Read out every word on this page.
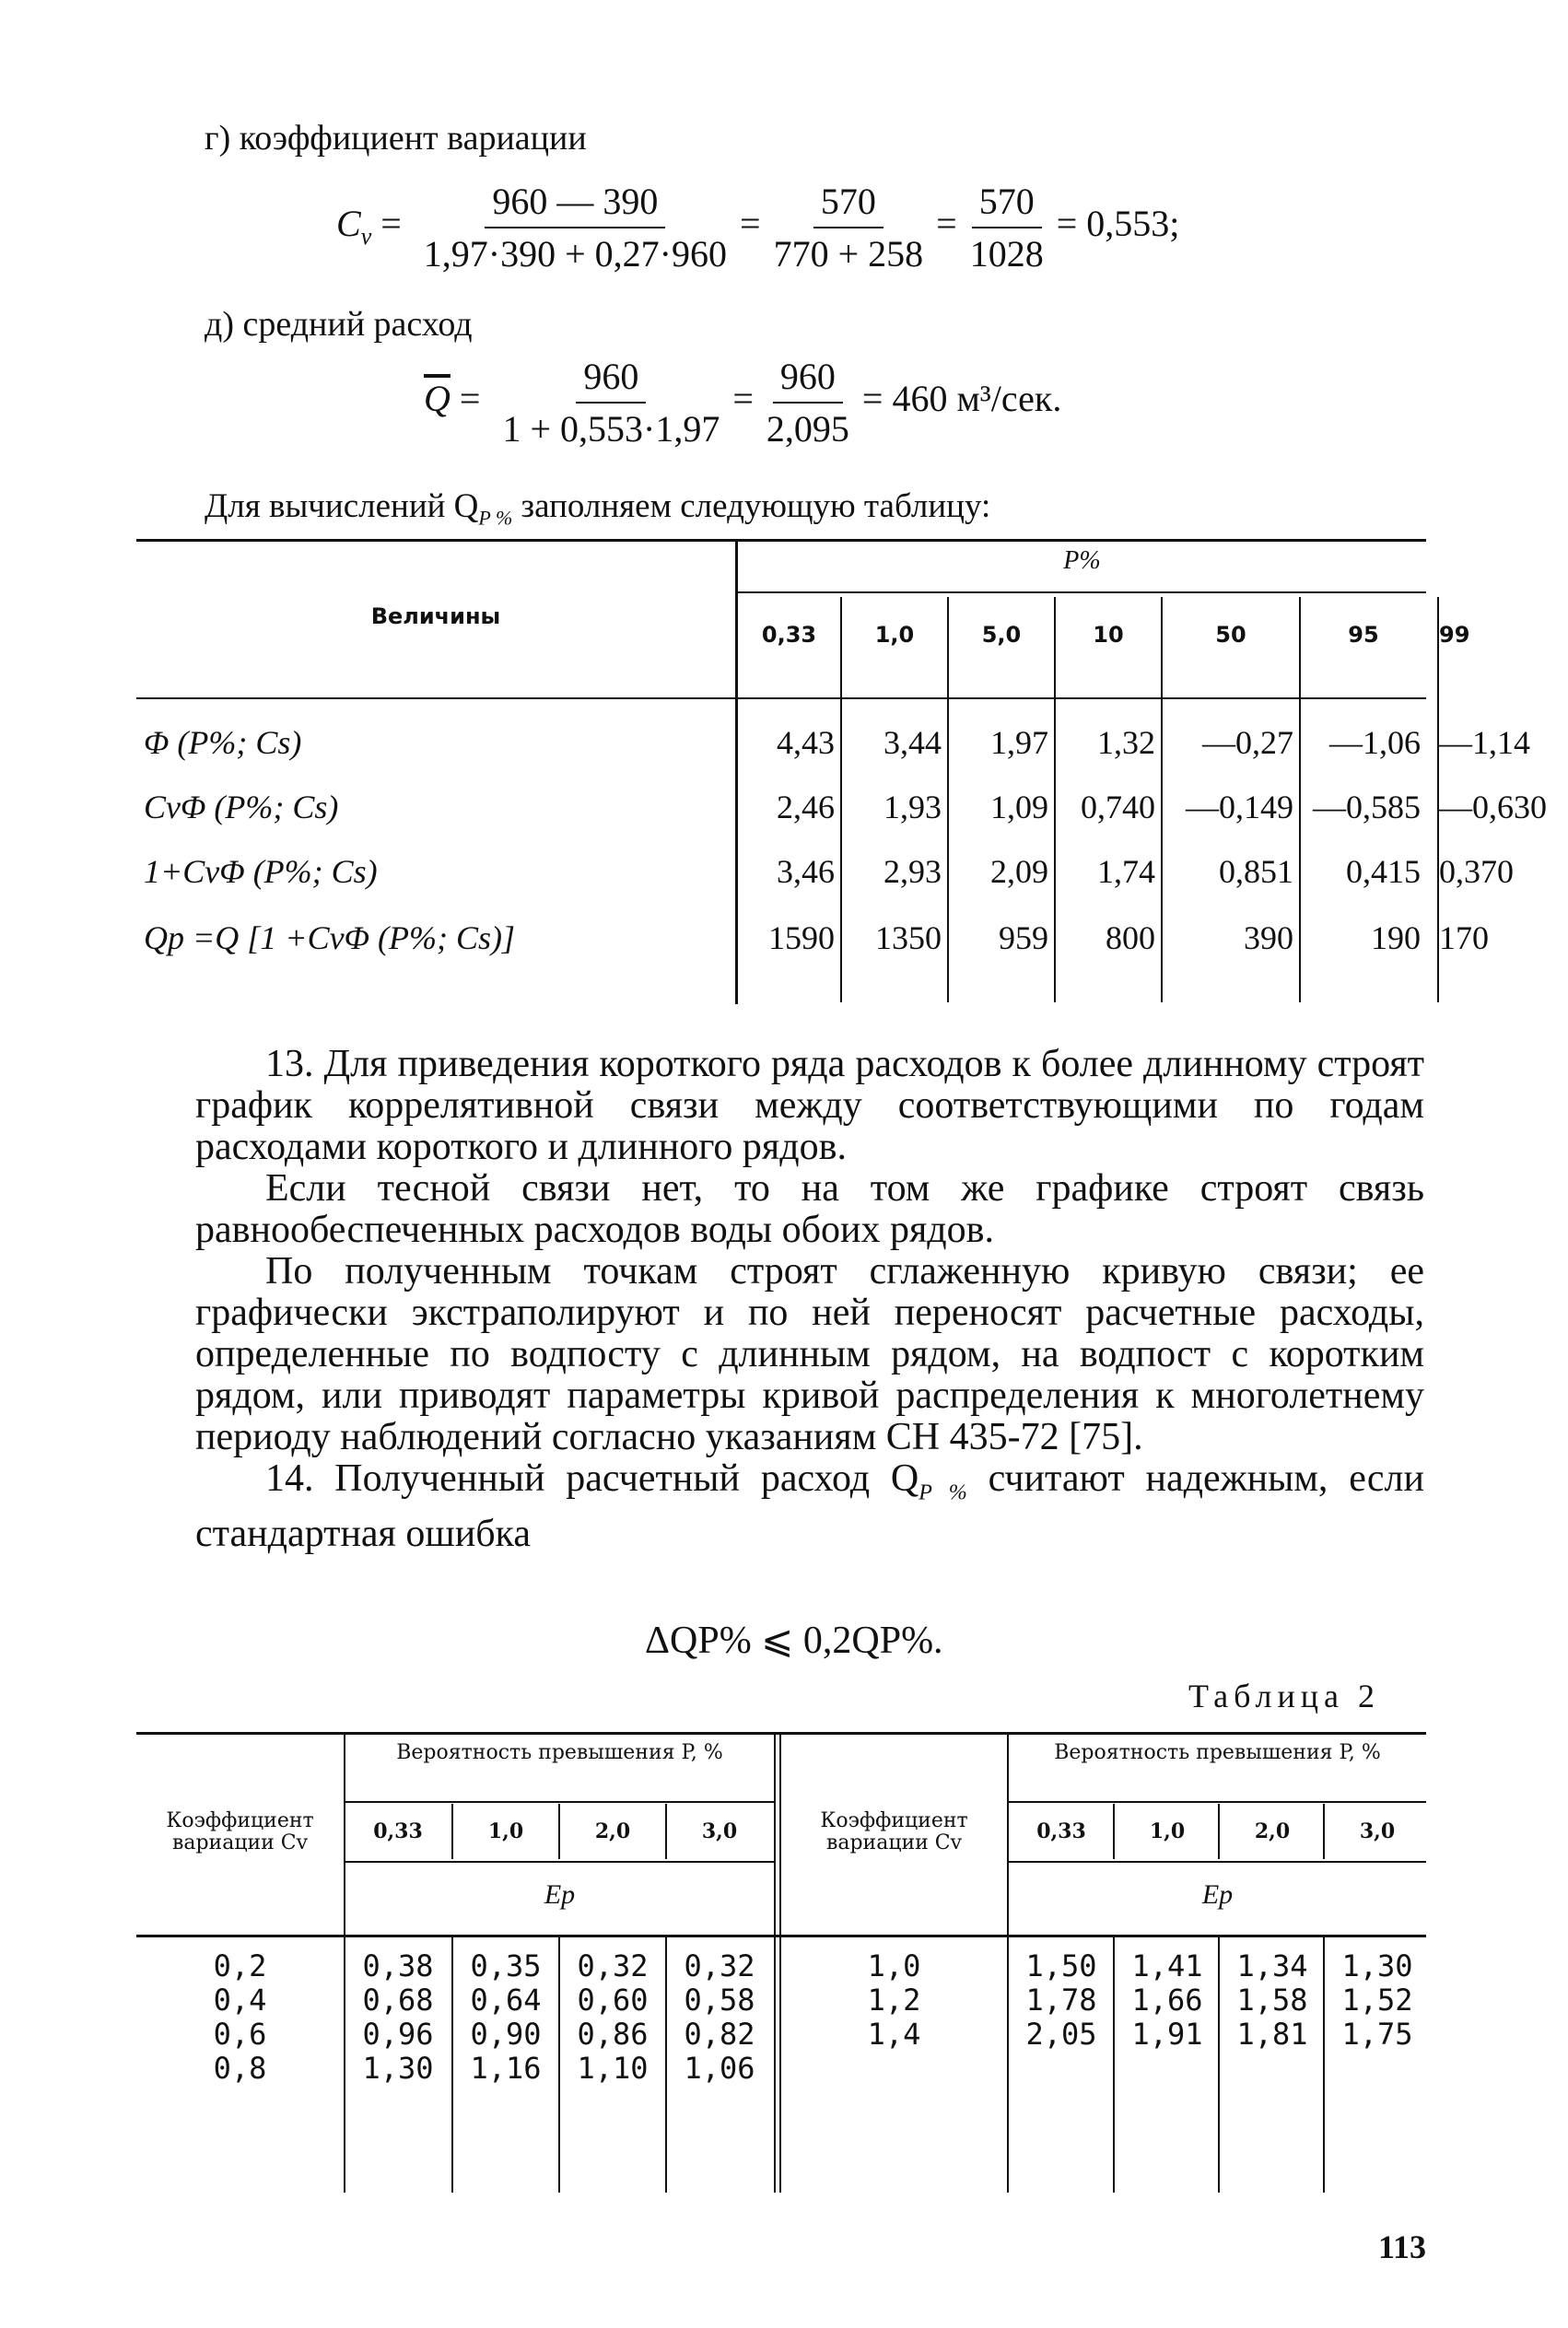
г) коэффициент вариации
$C_v = \frac{960 — 390}{1,97\cdot 390 + 0,27\cdot 960} = \frac{570}{770 + 258} = \frac{570}{1028} = 0,553$;
д) средний расход
$\overline{Q} = \frac{960}{1 + 0,553\cdot 1,97} = \frac{960}{2,095} = 460$ м³/сек.
Для вычислений $Q_{P \%}$ заполняем следующую таблицу:
Величины
P%
0,33	1,0	5,0	10	50	95	99
Φ (P%; Cs)	4,43	3,44	1,97	1,32	—0,27	—1,06 —1,14
CvΦ (P%; Cs)	2,46	1,93	1,09 0,740 —0,149 —0,585 —0,630
1+CvΦ (P%; Cs)	3,46	2,93	2,09	1,74	0,851	0,415 0,370
Qp =Q [1 +CvΦ (P%; Cs)]	1590	1350	959	800	390	190 170

13. Для приведения короткого ряда расходов к более длинному строят график коррелятивной связи между соответствующими по годам расходами короткого и длинного рядов.

Если тесной связи нет, то на том же графике строят связь равнообеспеченных расходов воды обоих рядов.

По полученным точкам строят сглаженную кривую связи; ее графически экстраполируют и по ней переносят расчетные расходы, определенные по водпосту с длинным рядом, на водпост с коротким рядом, или приводят параметры кривой распределения к многолетнему периоду наблюдений согласно указаниям СН 435-72 [75].

14. Полученный расчетный расход $Q_{P \%}$ считают надежным, если стандартная ошибка

ΔQP% ⩽ 0,2QP%.
Таблица 2
Коэффициент вариации Cv
Коэффициент вариации Cv
Вероятность превышения P, %	Вероятность превышения P, %
Ep	Ep
0,33	0,33
1,0	1,0
2,0	2,0
3,0	3,0
0,2	0,38	0,35	0,32	0,32
0,4	0,68	0,64	0,60	0,58
0,6	0,96	0,90	0,86	0,82
0,8	1,30	1,16	1,10	1,06
1,0	1,50	1,41	1,34	1,30
1,2	1,78	1,66	1,58	1,52
1,4	2,05	1,91	1,81	1,75
113
